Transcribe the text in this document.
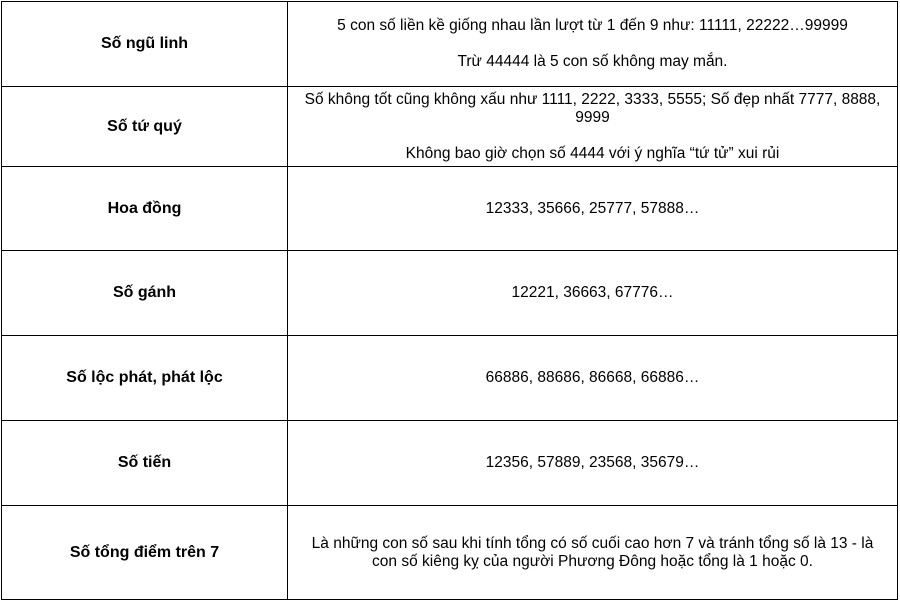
Số ngũ linh	5 con số liền kề giống nhau lần lượt từ 1 đến 9 như: 11111, 22222…99999
Trừ 44444 là 5 con số không may mắn.

Số tứ quý	Số không tốt cũng không xấu như 1111, 2222, 3333, 5555; Số đẹp nhất 7777, 8888, 9999
Không bao giờ chọn số 4444 với ý nghĩa “tứ tử” xui rủi

Hoa đồng	12333, 35666, 25777, 57888…

Số gánh	12221, 36663, 67776…

Số lộc phát, phát lộc	66886, 88686, 86668, 66886…

Số tiến	12356, 57889, 23568, 35679…

Số tổng điểm trên 7	Là những con số sau khi tính tổng có số cuối cao hơn 7 và tránh tổng số là 13 - là con số kiêng kỵ của người Phương Đông hoặc tổng là 1 hoặc 0.
